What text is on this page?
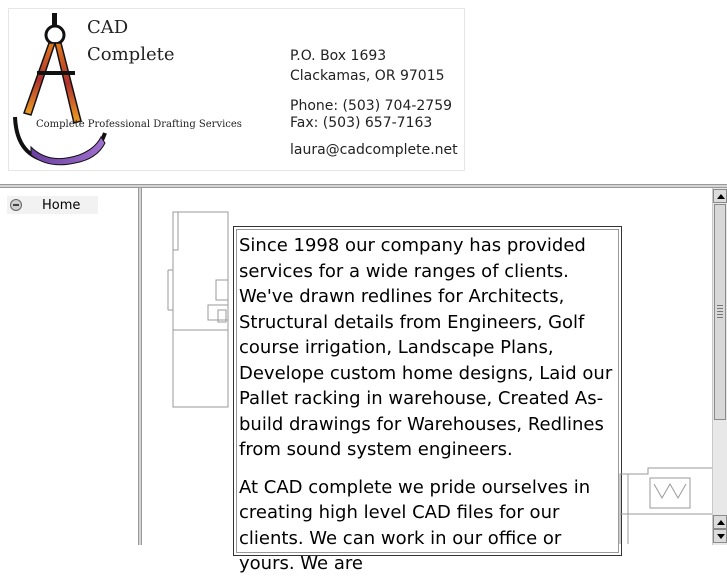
CAD
Complete
Complete Professional Drafting Services
P.O. Box 1693
Clackamas, OR 97015
Phone: (503) 704-2759
Fax: (503) 657-7163
laura@cadcomplete.net
Home

Since 1998 our company has provided services for a wide ranges of clients. We've drawn redlines for Architects, Structural details from Engineers, Golf course irrigation, Landscape Plans, Develope custom home designs, Laid our Pallet racking in warehouse, Created As-build drawings for Warehouses, Redlines from sound system engineers.

At CAD complete we pride ourselves in creating high level CAD files for our clients. We can work in our office or yours. We are
